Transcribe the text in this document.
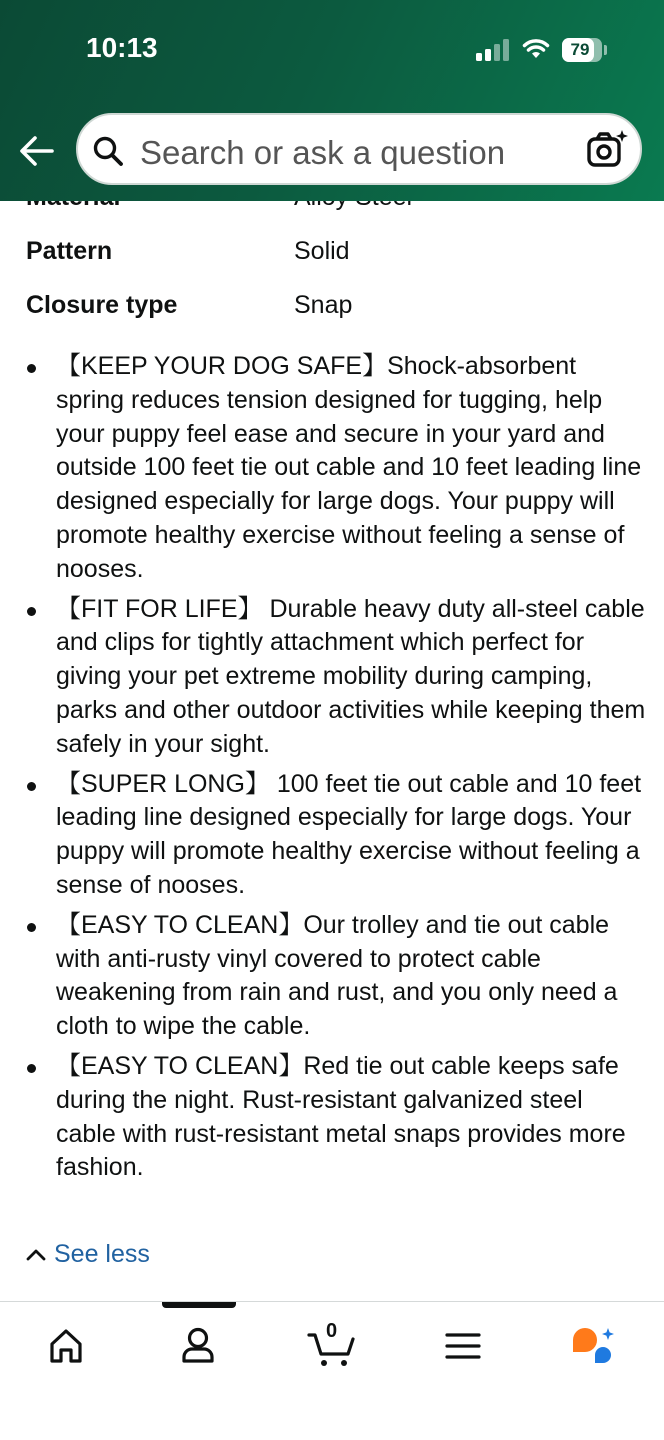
10:13	79
Search or ask a question
Pattern	Solid
Closure type	Snap
【KEEP YOUR DOG SAFE】Shock-absorbent spring reduces tension designed for tugging, help your puppy feel ease and secure in your yard and outside 100 feet tie out cable and 10 feet leading line designed especially for large dogs. Your puppy will promote healthy exercise without feeling a sense of nooses.
【FIT FOR LIFE】 Durable heavy duty all-steel cable and clips for tightly attachment which perfect for giving your pet extreme mobility during camping, parks and other outdoor activities while keeping them safely in your sight.
【SUPER LONG】 100 feet tie out cable and 10 feet leading line designed especially for large dogs. Your puppy will promote healthy exercise without feeling a sense of nooses.
【EASY TO CLEAN】Our trolley and tie out cable with anti-rusty vinyl covered to protect cable weakening from rain and rust, and you only need a cloth to wipe the cable.
【EASY TO CLEAN】Red tie out cable keeps safe during the night. Rust-resistant galvanized steel cable with rust-resistant metal snaps provides more fashion.
See less
0
